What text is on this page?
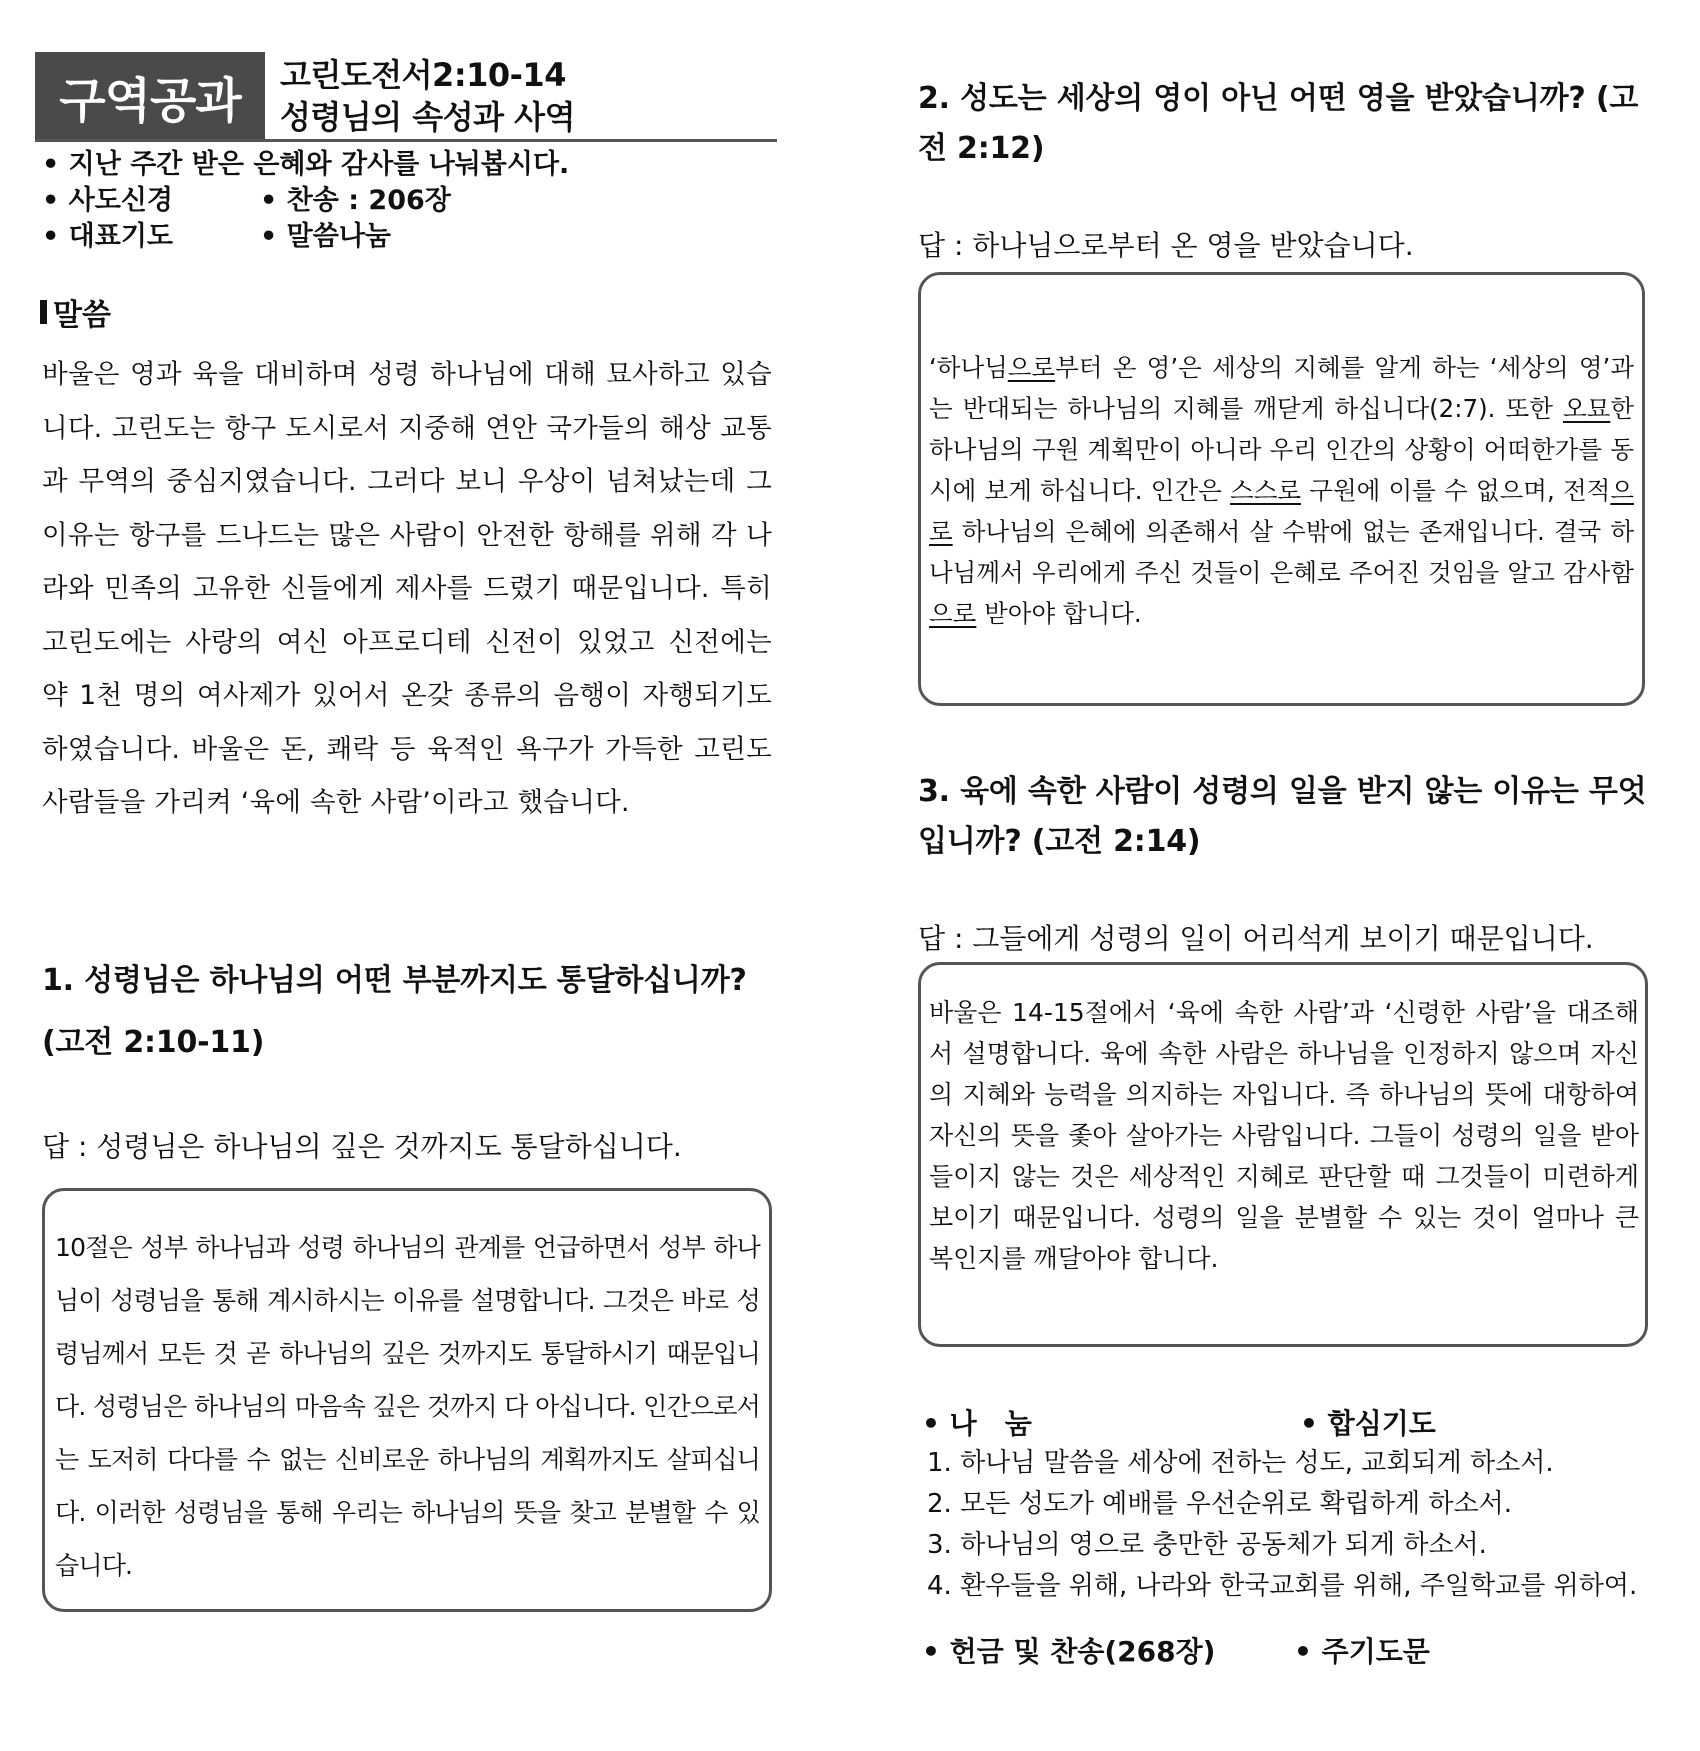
구역공과	고린도전서2:10-14
성령님의 속성과 사역
• 지난 주간 받은 은혜와 감사를 나눠봅시다.
• 사도신경	• 찬송 : 206장
• 대표기도	• 말씀나눔
말씀
바울은 영과 육을 대비하며 성령 하나님에 대해 묘사하고 있습니다. 고린도는 항구 도시로서 지중해 연안 국가들의 해상 교통과 무역의 중심지였습니다. 그러다 보니 우상이 넘쳐났는데 그 이유는 항구를 드나드는 많은 사람이 안전한 항해를 위해 각 나라와 민족의 고유한 신들에게 제사를 드렸기 때문입니다. 특히 고린도에는 사랑의 여신 아프로디테 신전이 있었고 신전에는 약 1천 명의 여사제가 있어서 온갖 종류의 음행이 자행되기도 하였습니다. 바울은 돈, 쾌락 등 육적인 욕구가 가득한 고린도 사람들을 가리켜 ‘육에 속한 사람’이라고 했습니다.
1. 성령님은 하나님의 어떤 부분까지도 통달하십니까? (고전 2:10-11)
답 : 성령님은 하나님의 깊은 것까지도 통달하십니다.
10절은 성부 하나님과 성령 하나님의 관계를 언급하면서 성부 하나님이 성령님을 통해 계시하시는 이유를 설명합니다. 그것은 바로 성령님께서 모든 것 곧 하나님의 깊은 것까지도 통달하시기 때문입니다. 성령님은 하나님의 마음속 깊은 것까지 다 아십니다. 인간으로서는 도저히 다다를 수 없는 신비로운 하나님의 계획까지도 살피십니다. 이러한 성령님을 통해 우리는 하나님의 뜻을 찾고 분별할 수 있습니다.
2. 성도는 세상의 영이 아닌 어떤 영을 받았습니까? (고전 2:12)
답 : 하나님으로부터 온 영을 받았습니다.
‘하나님으로부터 온 영’은 세상의 지혜를 알게 하는 ‘세상의 영’과는 반대되는 하나님의 지혜를 깨닫게 하십니다(2:7). 또한 오묘한 하나님의 구원 계획만이 아니라 우리 인간의 상황이 어떠한가를 동시에 보게 하십니다. 인간은 스스로 구원에 이를 수 없으며, 전적으로 하나님의 은혜에 의존해서 살 수밖에 없는 존재입니다. 결국 하나님께서 우리에게 주신 것들이 은혜로 주어진 것임을 알고 감사함으로 받아야 합니다.
3. 육에 속한 사람이 성령의 일을 받지 않는 이유는 무엇입니까? (고전 2:14)
답 : 그들에게 성령의 일이 어리석게 보이기 때문입니다.
바울은 14-15절에서 ‘육에 속한 사람’과 ‘신령한 사람’을 대조해서 설명합니다. 육에 속한 사람은 하나님을 인정하지 않으며 자신의 지혜와 능력을 의지하는 자입니다. 즉 하나님의 뜻에 대항하여 자신의 뜻을 좇아 살아가는 사람입니다. 그들이 성령의 일을 받아들이지 않는 것은 세상적인 지혜로 판단할 때 그것들이 미련하게 보이기 때문입니다. 성령의 일을 분별할 수 있는 것이 얼마나 큰 복인지를 깨달아야 합니다.
• 나　눔	• 합심기도
1. 하나님 말씀을 세상에 전하는 성도, 교회되게 하소서.
2. 모든 성도가 예배를 우선순위로 확립하게 하소서.
3. 하나님의 영으로 충만한 공동체가 되게 하소서.
4. 환우들을 위해, 나라와 한국교회를 위해, 주일학교를 위하여.
• 헌금 및 찬송(268장)	• 주기도문
